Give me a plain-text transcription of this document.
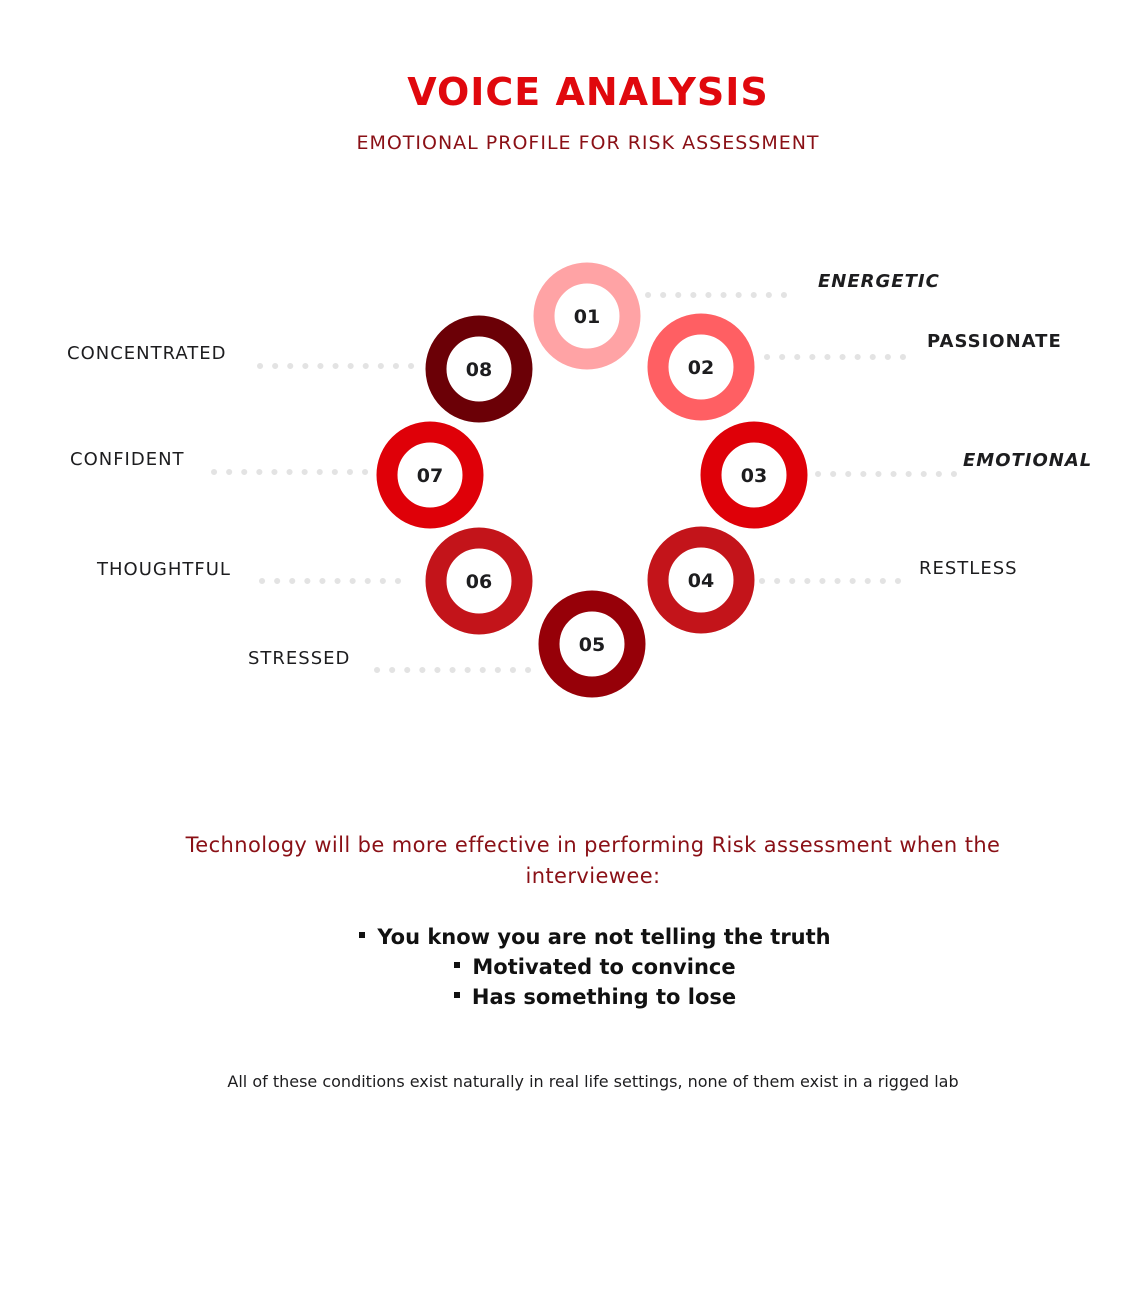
VOICE ANALYSIS
EMOTIONAL PROFILE FOR RISK ASSESSMENT
01
02
03
04
05
06
07
08
ENERGETIC
PASSIONATE
EMOTIONAL
RESTLESS
STRESSED
THOUGHTFUL
CONFIDENT
CONCENTRATED
Technology will be more effective in performing Risk assessment when the interviewee:
You know you are not telling the truth
Motivated to convince
Has something to lose
All of these conditions exist naturally in real life settings, none of them exist in a rigged lab
